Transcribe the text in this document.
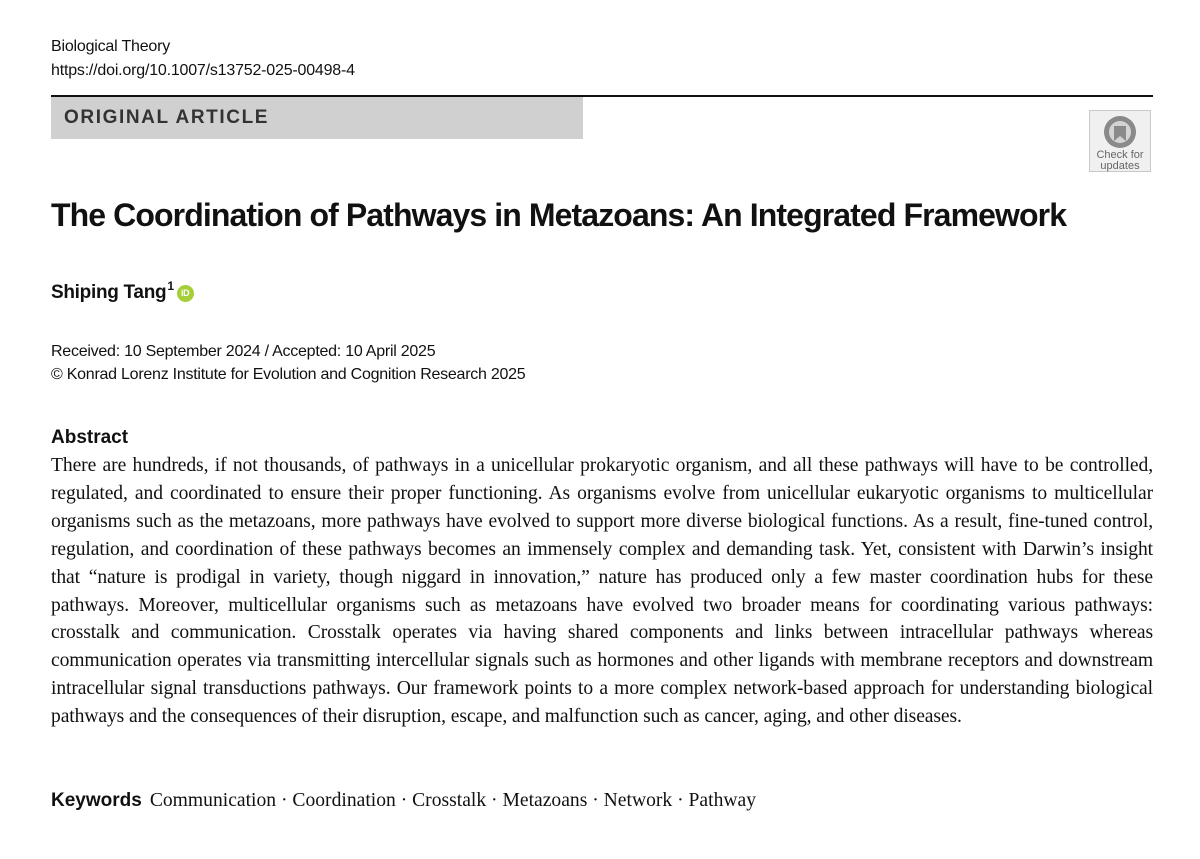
Biological Theory
https://doi.org/10.1007/s13752-025-00498-4
ORIGINAL ARTICLE
Check for
updates
The Coordination of Pathways in Metazoans: An Integrated Framework
Shiping Tang$^1$ iD
Received: 10 September 2024 / Accepted: 10 April 2025
© Konrad Lorenz Institute for Evolution and Cognition Research 2025
Abstract
There are hundreds, if not thousands, of pathways in a unicellular prokaryotic organism, and all these pathways will have to be controlled, regulated, and coordinated to ensure their proper functioning. As organisms evolve from unicellular eukaryotic organisms to multicellular organisms such as the metazoans, more pathways have evolved to support more diverse biological functions. As a result, fine-tuned control, regulation, and coordination of these pathways becomes an immensely complex and demanding task. Yet, consistent with Darwin’s insight that “nature is prodigal in variety, though niggard in innovation,” nature has produced only a few master coordination hubs for these pathways. Moreover, multicellular organisms such as metazoans have evolved two broader means for coordinating various pathways: crosstalk and communication. Crosstalk operates via having shared components and links between intracellular pathways whereas communication operates via transmitting intercellular signals such as hormones and other ligands with membrane receptors and downstream intracellular signal transductions pathways. Our framework points to a more complex network-based approach for understanding biological pathways and the consequences of their disruption, escape, and malfunction such as cancer, aging, and other diseases.
Keywords Communication · Coordination · Crosstalk · Metazoans · Network · Pathway
